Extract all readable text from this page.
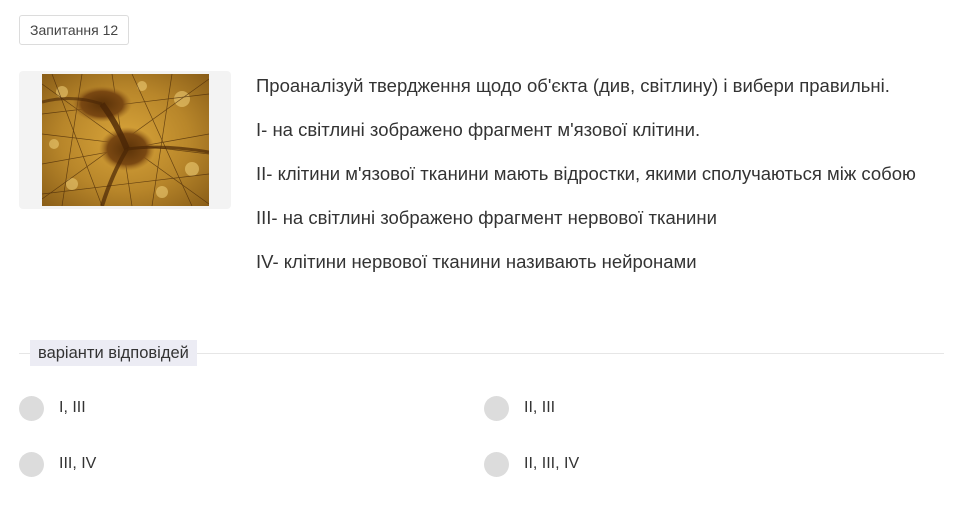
Запитання 12

Проаналізуй твердження щодо об'єкта (див, світлину) і вибери правильні.

І- на світлині зображено фрагмент м'язової клітини.

ІІ- клітини м'язової тканини мають відростки, якими сполучаються між собою

ІІІ- на світлині зображено фрагмент нервової тканини

ІV- клітини нервової тканини називають нейронами

варіанти відповідей
І, ІІІ	ІІ, ІІІ
ІІІ, ІV	ІІ, ІІІ, ІV
